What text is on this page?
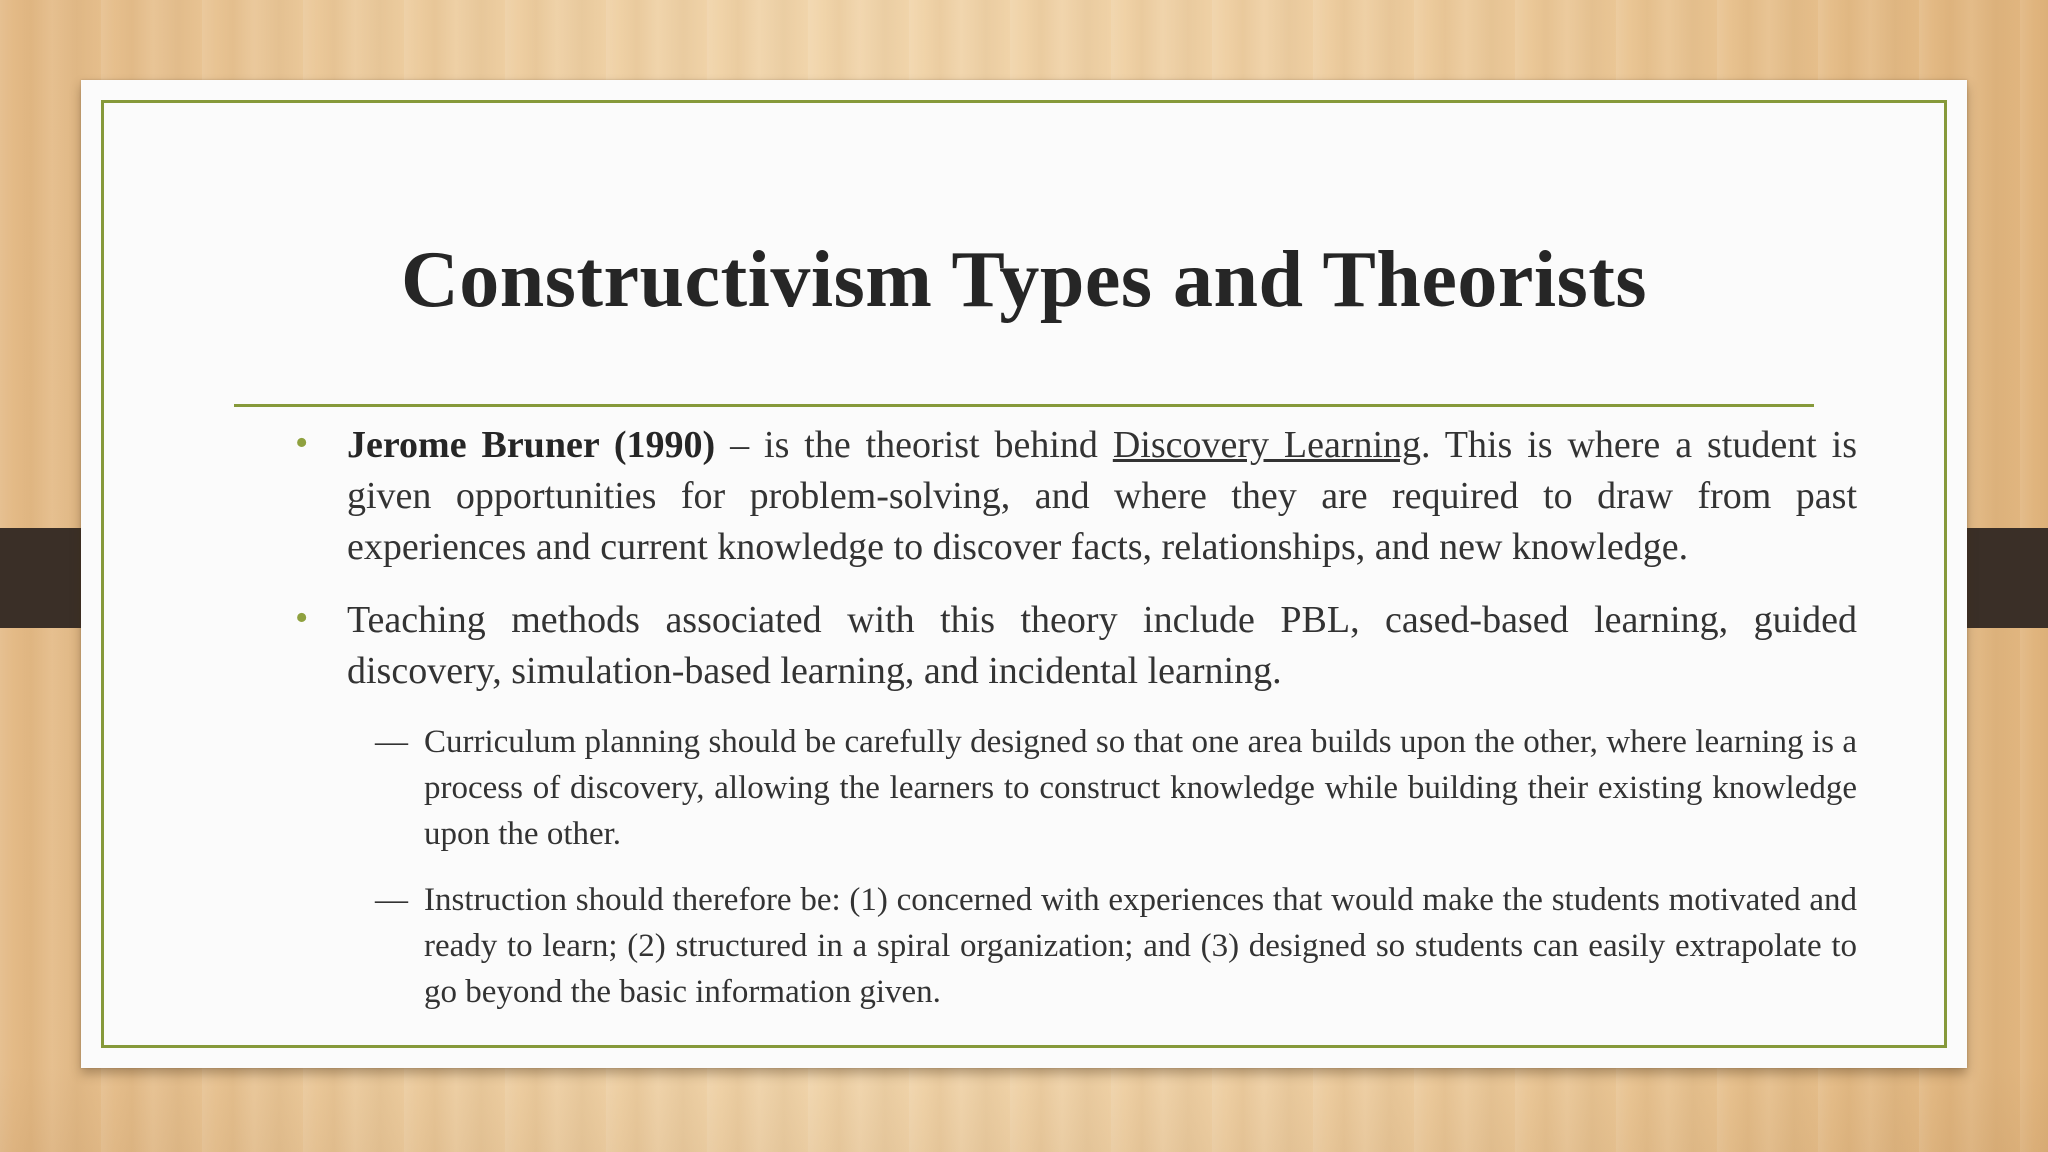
Constructivism Types and Theorists

• Jerome Bruner (1990) – is the theorist behind Discovery Learning. This is where a student is given opportunities for problem-solving, and where they are required to draw from past experiences and current knowledge to discover facts, relationships, and new knowledge.

• Teaching methods associated with this theory include PBL, cased-based learning, guided discovery, simulation-based learning, and incidental learning.

— Curriculum planning should be carefully designed so that one area builds upon the other, where learning is a process of discovery, allowing the learners to construct knowledge while building their existing knowledge upon the other.

— Instruction should therefore be: (1) concerned with experiences that would make the students motivated and ready to learn; (2) structured in a spiral organization; and (3) designed so students can easily extrapolate to go beyond the basic information given.
